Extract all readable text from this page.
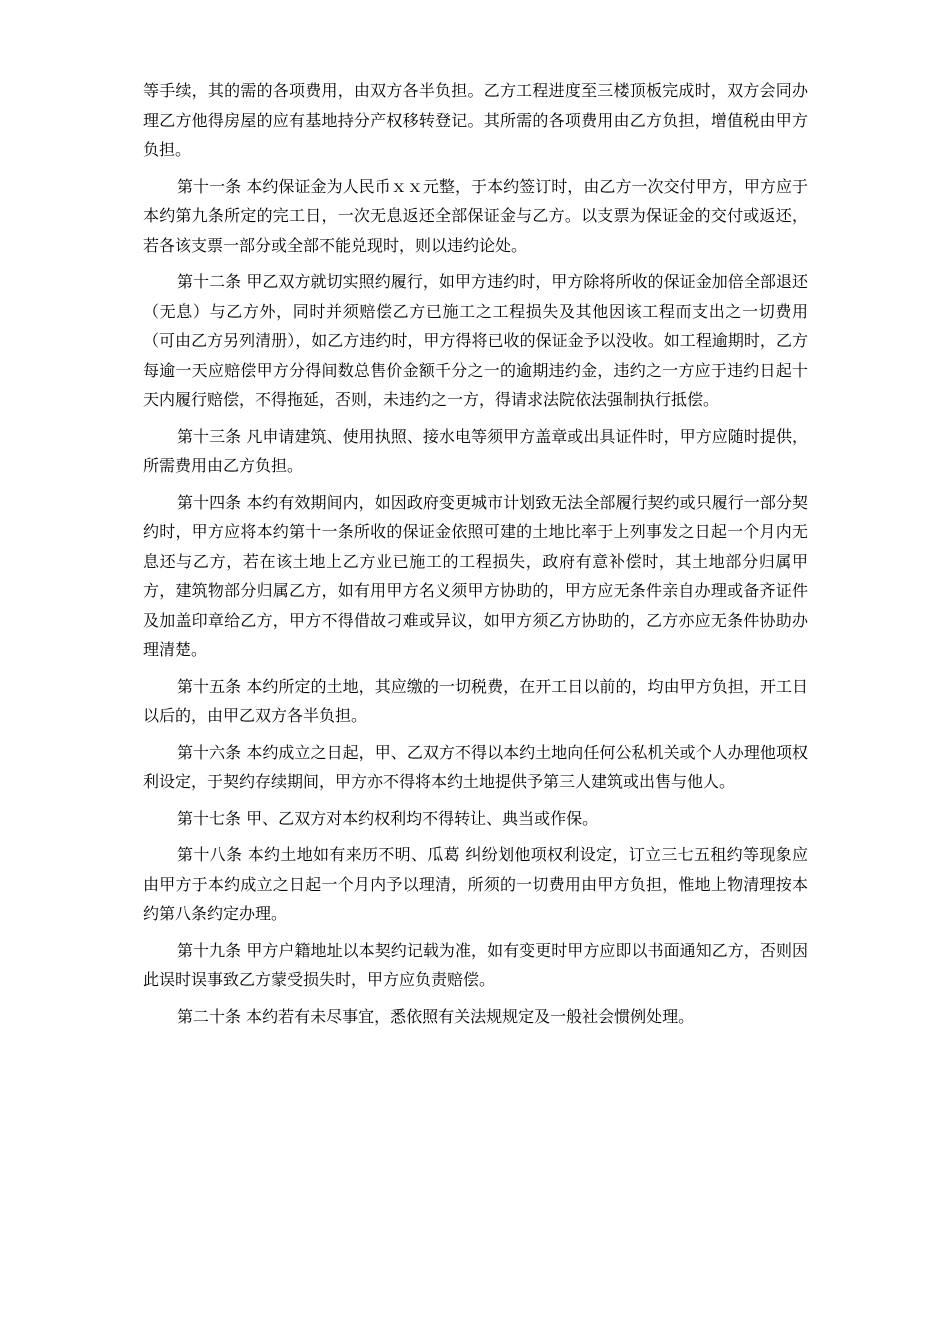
等手续，其的需的各项费用，由双方各半负担。乙方工程进度至三楼顶板完成时，双方会同办理乙方他得房屋的应有基地持分产权移转登记。其所需的各项费用由乙方负担，增值税由甲方负担。

第十一条 本约保证金为人民币ｘｘ元整，于本约签订时，由乙方一次交付甲方，甲方应于本约第九条所定的完工日，一次无息返还全部保证金与乙方。以支票为保证金的交付或返还，若各该支票一部分或全部不能兑现时，则以违约论处。

第十二条 甲乙双方就切实照约履行，如甲方违约时，甲方除将所收的保证金加倍全部退还（无息）与乙方外，同时并须赔偿乙方已施工之工程损失及其他因该工程而支出之一切费用（可由乙方另列清册），如乙方违约时，甲方得将已收的保证金予以没收。如工程逾期时，乙方每逾一天应赔偿甲方分得间数总售价金额千分之一的逾期违约金，违约之一方应于违约日起十天内履行赔偿，不得拖延，否则，未违约之一方，得请求法院依法强制执行抵偿。

第十三条 凡申请建筑、使用执照、接水电等须甲方盖章或出具证件时，甲方应随时提供，所需费用由乙方负担。

第十四条 本约有效期间内，如因政府变更城市计划致无法全部履行契约或只履行一部分契约时，甲方应将本约第十一条所收的保证金依照可建的土地比率于上列事发之日起一个月内无息还与乙方，若在该土地上乙方业已施工的工程损失，政府有意补偿时，其土地部分归属甲方，建筑物部分归属乙方，如有用甲方名义须甲方协助的，甲方应无条件亲自办理或备齐证件及加盖印章给乙方，甲方不得借故刁难或异议，如甲方须乙方协助的，乙方亦应无条件协助办理清楚。

第十五条 本约所定的土地，其应缴的一切税费，在开工日以前的，均由甲方负担，开工日以后的，由甲乙双方各半负担。

第十六条 本约成立之日起，甲、乙双方不得以本约土地向任何公私机关或个人办理他项权利设定，于契约存续期间，甲方亦不得将本约土地提供予第三人建筑或出售与他人。

第十七条 甲、乙双方对本约权利均不得转让、典当或作保。

第十八条 本约土地如有来历不明、瓜葛 纠纷划他项权利设定，订立三七五租约等现象应由甲方于本约成立之日起一个月内予以理清，所须的一切费用由甲方负担，惟地上物清理按本约第八条约定办理。

第十九条 甲方户籍地址以本契约记载为准，如有变更时甲方应即以书面通知乙方，否则因此误时误事致乙方蒙受损失时，甲方应负责赔偿。

第二十条 本约若有未尽事宜，悉依照有关法规规定及一般社会惯例处理。
